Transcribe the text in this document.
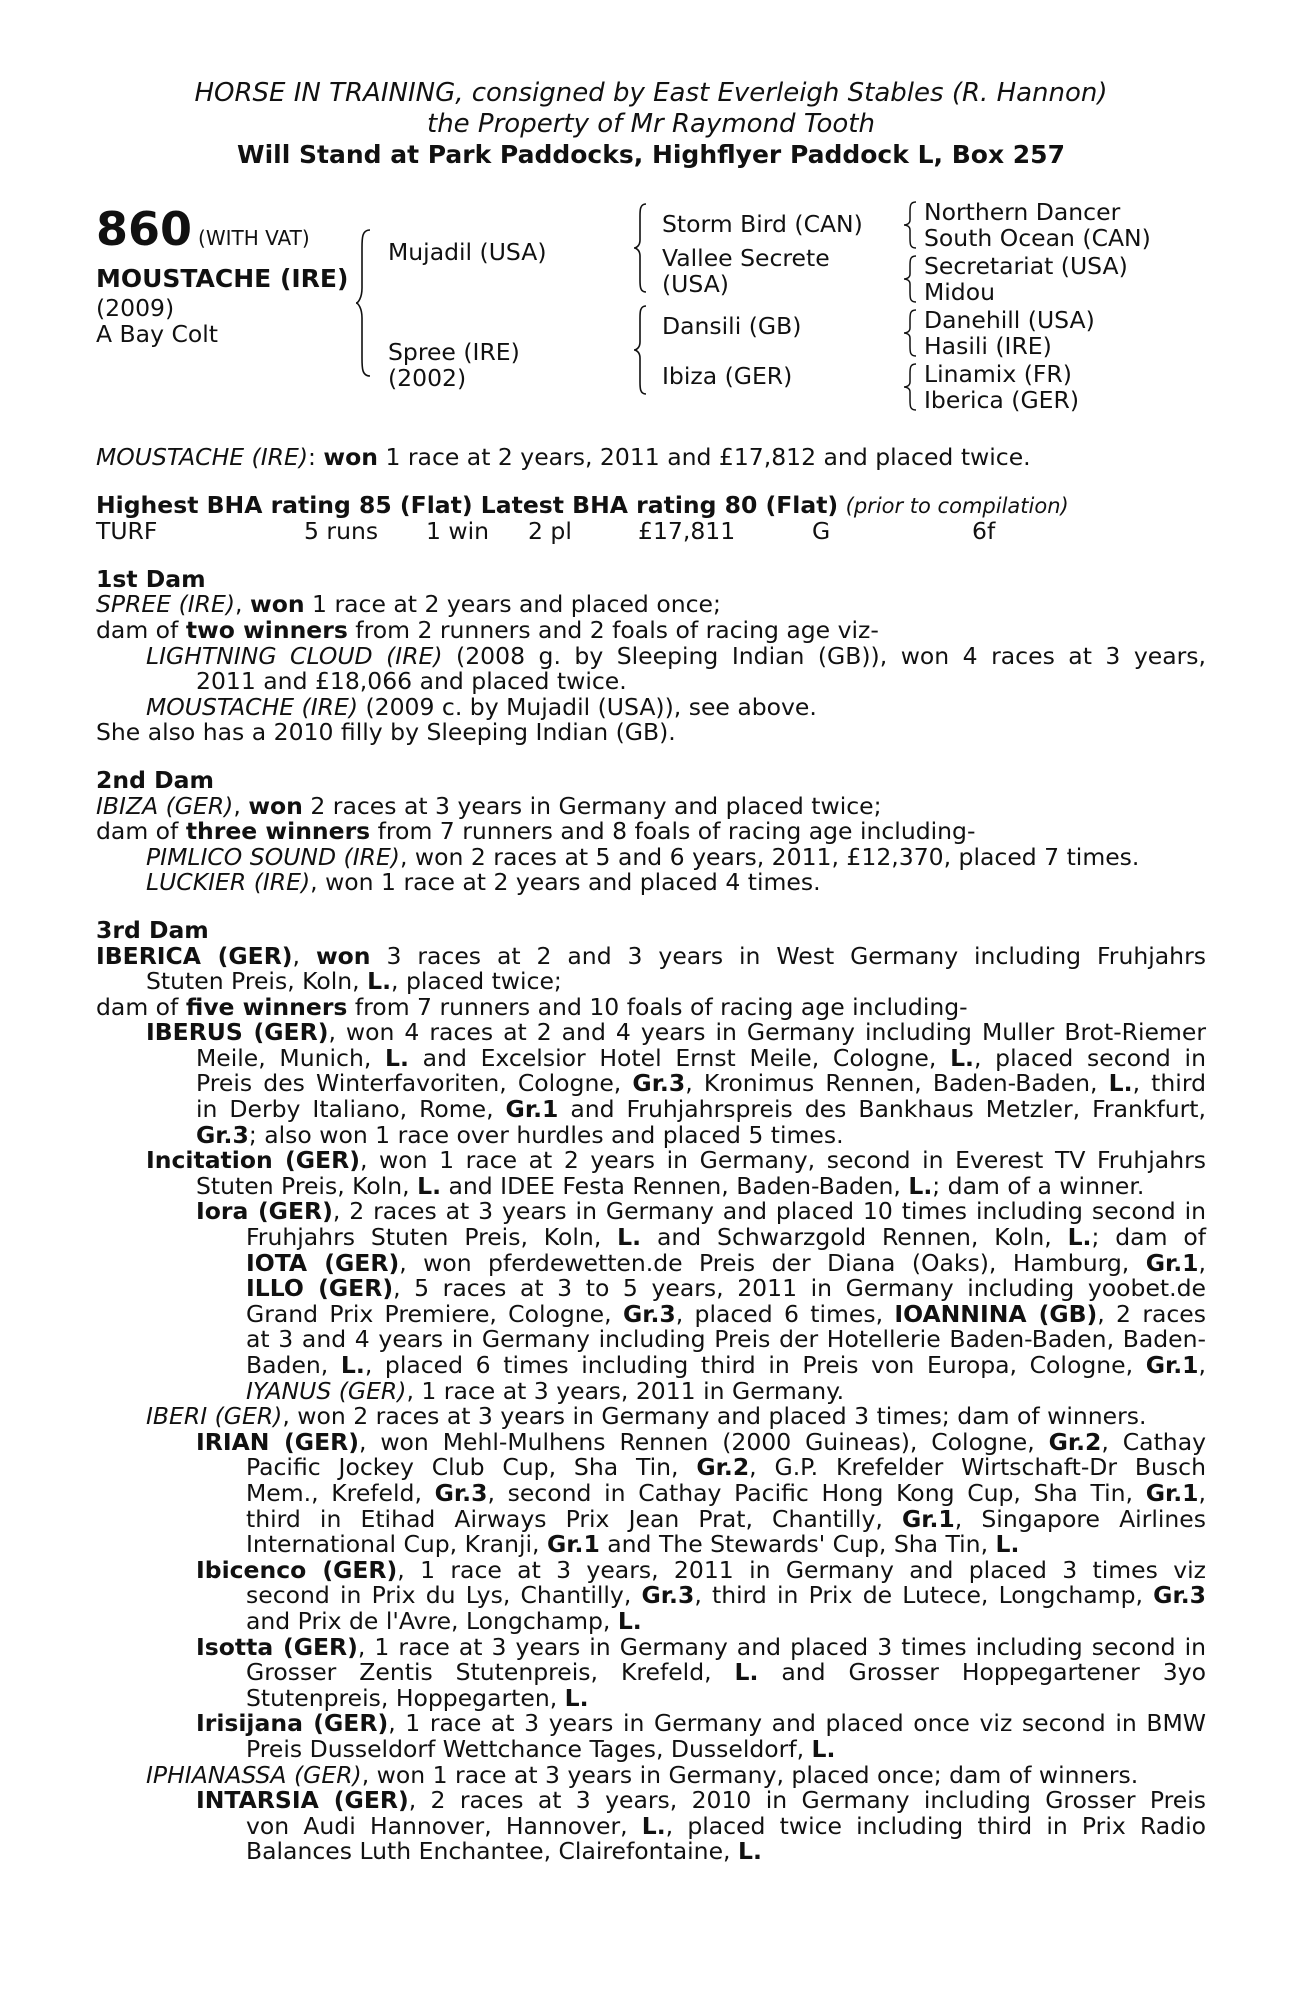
HORSE IN TRAINING, consigned by East Everleigh Stables (R. Hannon)
the Property of Mr Raymond Tooth
Will Stand at Park Paddocks, Highflyer Paddock L, Box 257
860 (WITH VAT)
MOUSTACHE (IRE)
(2009)
A Bay Colt
Mujadil (USA)
Spree (IRE)
(2002)
Storm Bird (CAN)
Vallee Secrete
(USA)
Dansili (GB)
Ibiza (GER)
Northern Dancer
South Ocean (CAN)
Secretariat (USA)
Midou
Danehill (USA)
Hasili (IRE)
Linamix (FR)
Iberica (GER)
MOUSTACHE (IRE): won 1 race at 2 years, 2011 and £17,812 and placed twice.
Highest BHA rating 85 (Flat) Latest BHA rating 80 (Flat) (prior to compilation)
TURF	5 runs 1 win 2 pl	£17,811	G	6f
1st Dam
SPREE (IRE), won 1 race at 2 years and placed once;
dam of two winners from 2 runners and 2 foals of racing age viz-
LIGHTNING CLOUD (IRE) (2008 g. by Sleeping Indian (GB)), won 4 races at 3 years,
2011 and £18,066 and placed twice.
MOUSTACHE (IRE) (2009 c. by Mujadil (USA)), see above.
She also has a 2010 filly by Sleeping Indian (GB).
2nd Dam
IBIZA (GER), won 2 races at 3 years in Germany and placed twice;
dam of three winners from 7 runners and 8 foals of racing age including-
PIMLICO SOUND (IRE), won 2 races at 5 and 6 years, 2011, £12,370, placed 7 times.
LUCKIER (IRE), won 1 race at 2 years and placed 4 times.
3rd Dam
IBERICA (GER), won 3 races at 2 and 3 years in West Germany including Fruhjahrs
Stuten Preis, Koln, L., placed twice;
dam of five winners from 7 runners and 10 foals of racing age including-
IBERUS (GER), won 4 races at 2 and 4 years in Germany including Muller Brot-Riemer
Meile, Munich, L. and Excelsior Hotel Ernst Meile, Cologne, L., placed second in
Preis des Winterfavoriten, Cologne, Gr.3, Kronimus Rennen, Baden-Baden, L., third
in Derby Italiano, Rome, Gr.1 and Fruhjahrspreis des Bankhaus Metzler, Frankfurt,
Gr.3; also won 1 race over hurdles and placed 5 times.
Incitation (GER), won 1 race at 2 years in Germany, second in Everest TV Fruhjahrs
Stuten Preis, Koln, L. and IDEE Festa Rennen, Baden-Baden, L.; dam of a winner.
Iora (GER), 2 races at 3 years in Germany and placed 10 times including second in
Fruhjahrs Stuten Preis, Koln, L. and Schwarzgold Rennen, Koln, L.; dam of
IOTA (GER), won pferdewetten.de Preis der Diana (Oaks), Hamburg, Gr.1,
ILLO (GER), 5 races at 3 to 5 years, 2011 in Germany including yoobet.de
Grand Prix Premiere, Cologne, Gr.3, placed 6 times, IOANNINA (GB), 2 races
at 3 and 4 years in Germany including Preis der Hotellerie Baden-Baden, Baden-
Baden, L., placed 6 times including third in Preis von Europa, Cologne, Gr.1,
IYANUS (GER), 1 race at 3 years, 2011 in Germany.
IBERI (GER), won 2 races at 3 years in Germany and placed 3 times; dam of winners.
IRIAN (GER), won Mehl-Mulhens Rennen (2000 Guineas), Cologne, Gr.2, Cathay
Pacific Jockey Club Cup, Sha Tin, Gr.2, G.P. Krefelder Wirtschaft-Dr Busch
Mem., Krefeld, Gr.3, second in Cathay Pacific Hong Kong Cup, Sha Tin, Gr.1,
third in Etihad Airways Prix Jean Prat, Chantilly, Gr.1, Singapore Airlines
International Cup, Kranji, Gr.1 and The Stewards' Cup, Sha Tin, L.
Ibicenco (GER), 1 race at 3 years, 2011 in Germany and placed 3 times viz
second in Prix du Lys, Chantilly, Gr.3, third in Prix de Lutece, Longchamp, Gr.3
and Prix de l'Avre, Longchamp, L.
Isotta (GER), 1 race at 3 years in Germany and placed 3 times including second in
Grosser Zentis Stutenpreis, Krefeld, L. and Grosser Hoppegartener 3yo
Stutenpreis, Hoppegarten, L.
Irisijana (GER), 1 race at 3 years in Germany and placed once viz second in BMW
Preis Dusseldorf Wettchance Tages, Dusseldorf, L.
IPHIANASSA (GER), won 1 race at 3 years in Germany, placed once; dam of winners.
INTARSIA (GER), 2 races at 3 years, 2010 in Germany including Grosser Preis
von Audi Hannover, Hannover, L., placed twice including third in Prix Radio
Balances Luth Enchantee, Clairefontaine, L.
